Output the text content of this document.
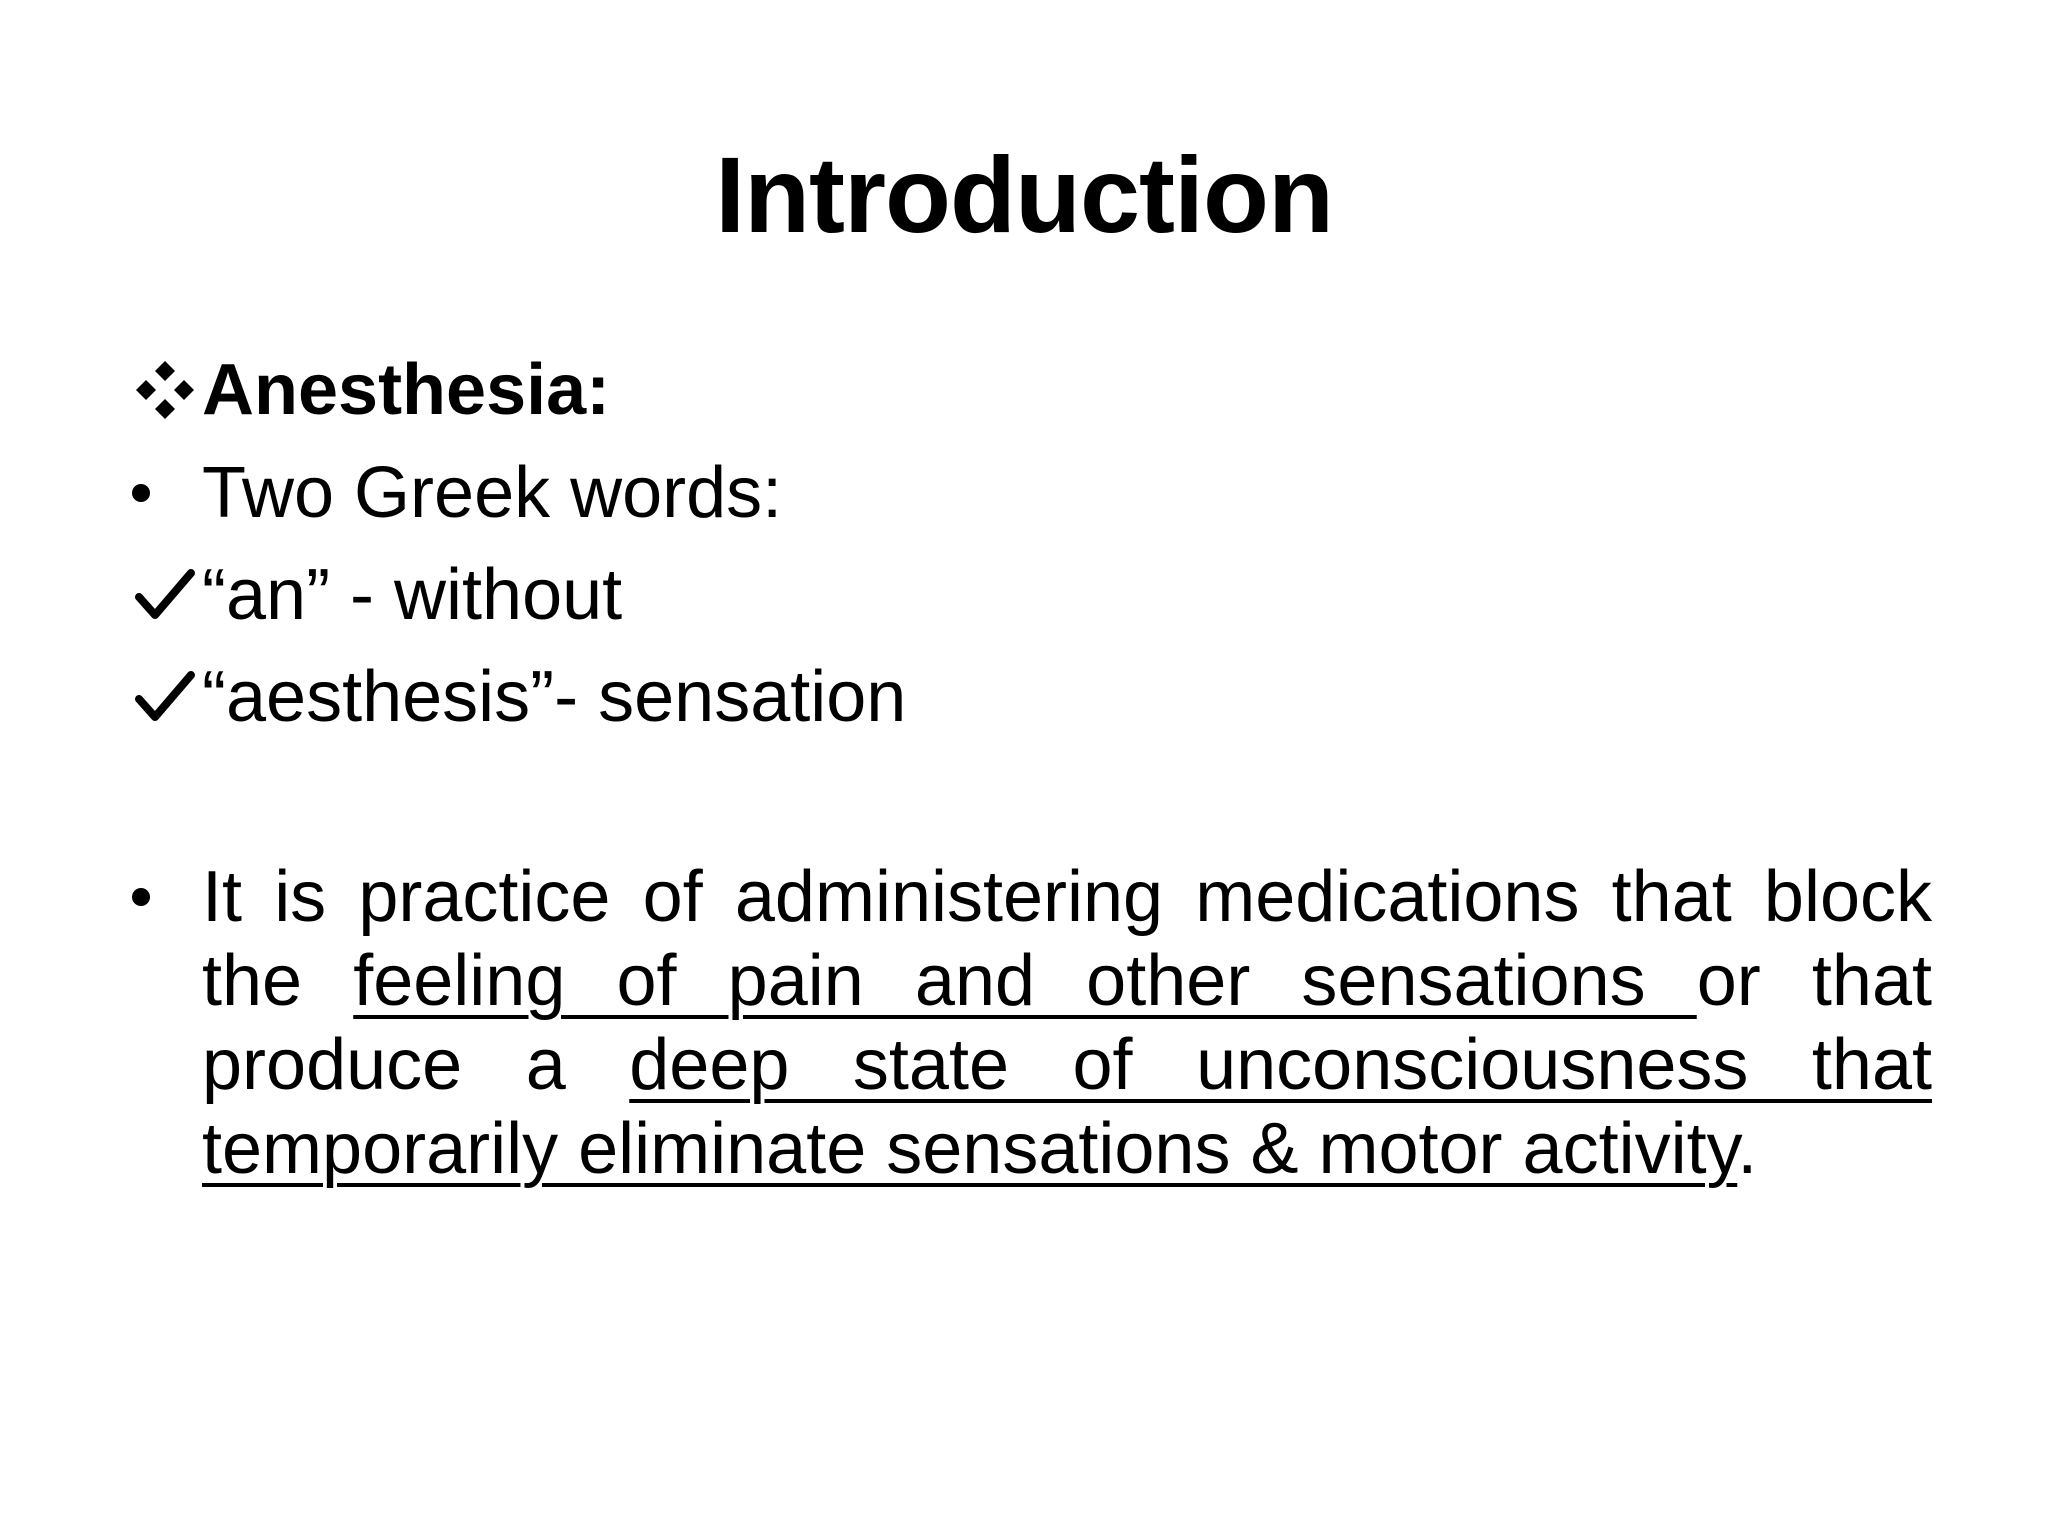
Introduction
Anesthesia:
Two Greek words:
“an” - without
“aesthesis”- sensation
It is practice of administering medications that block the feeling of pain and other sensations or that produce a deep state of unconsciousness that temporarily eliminate sensations & motor activity.
